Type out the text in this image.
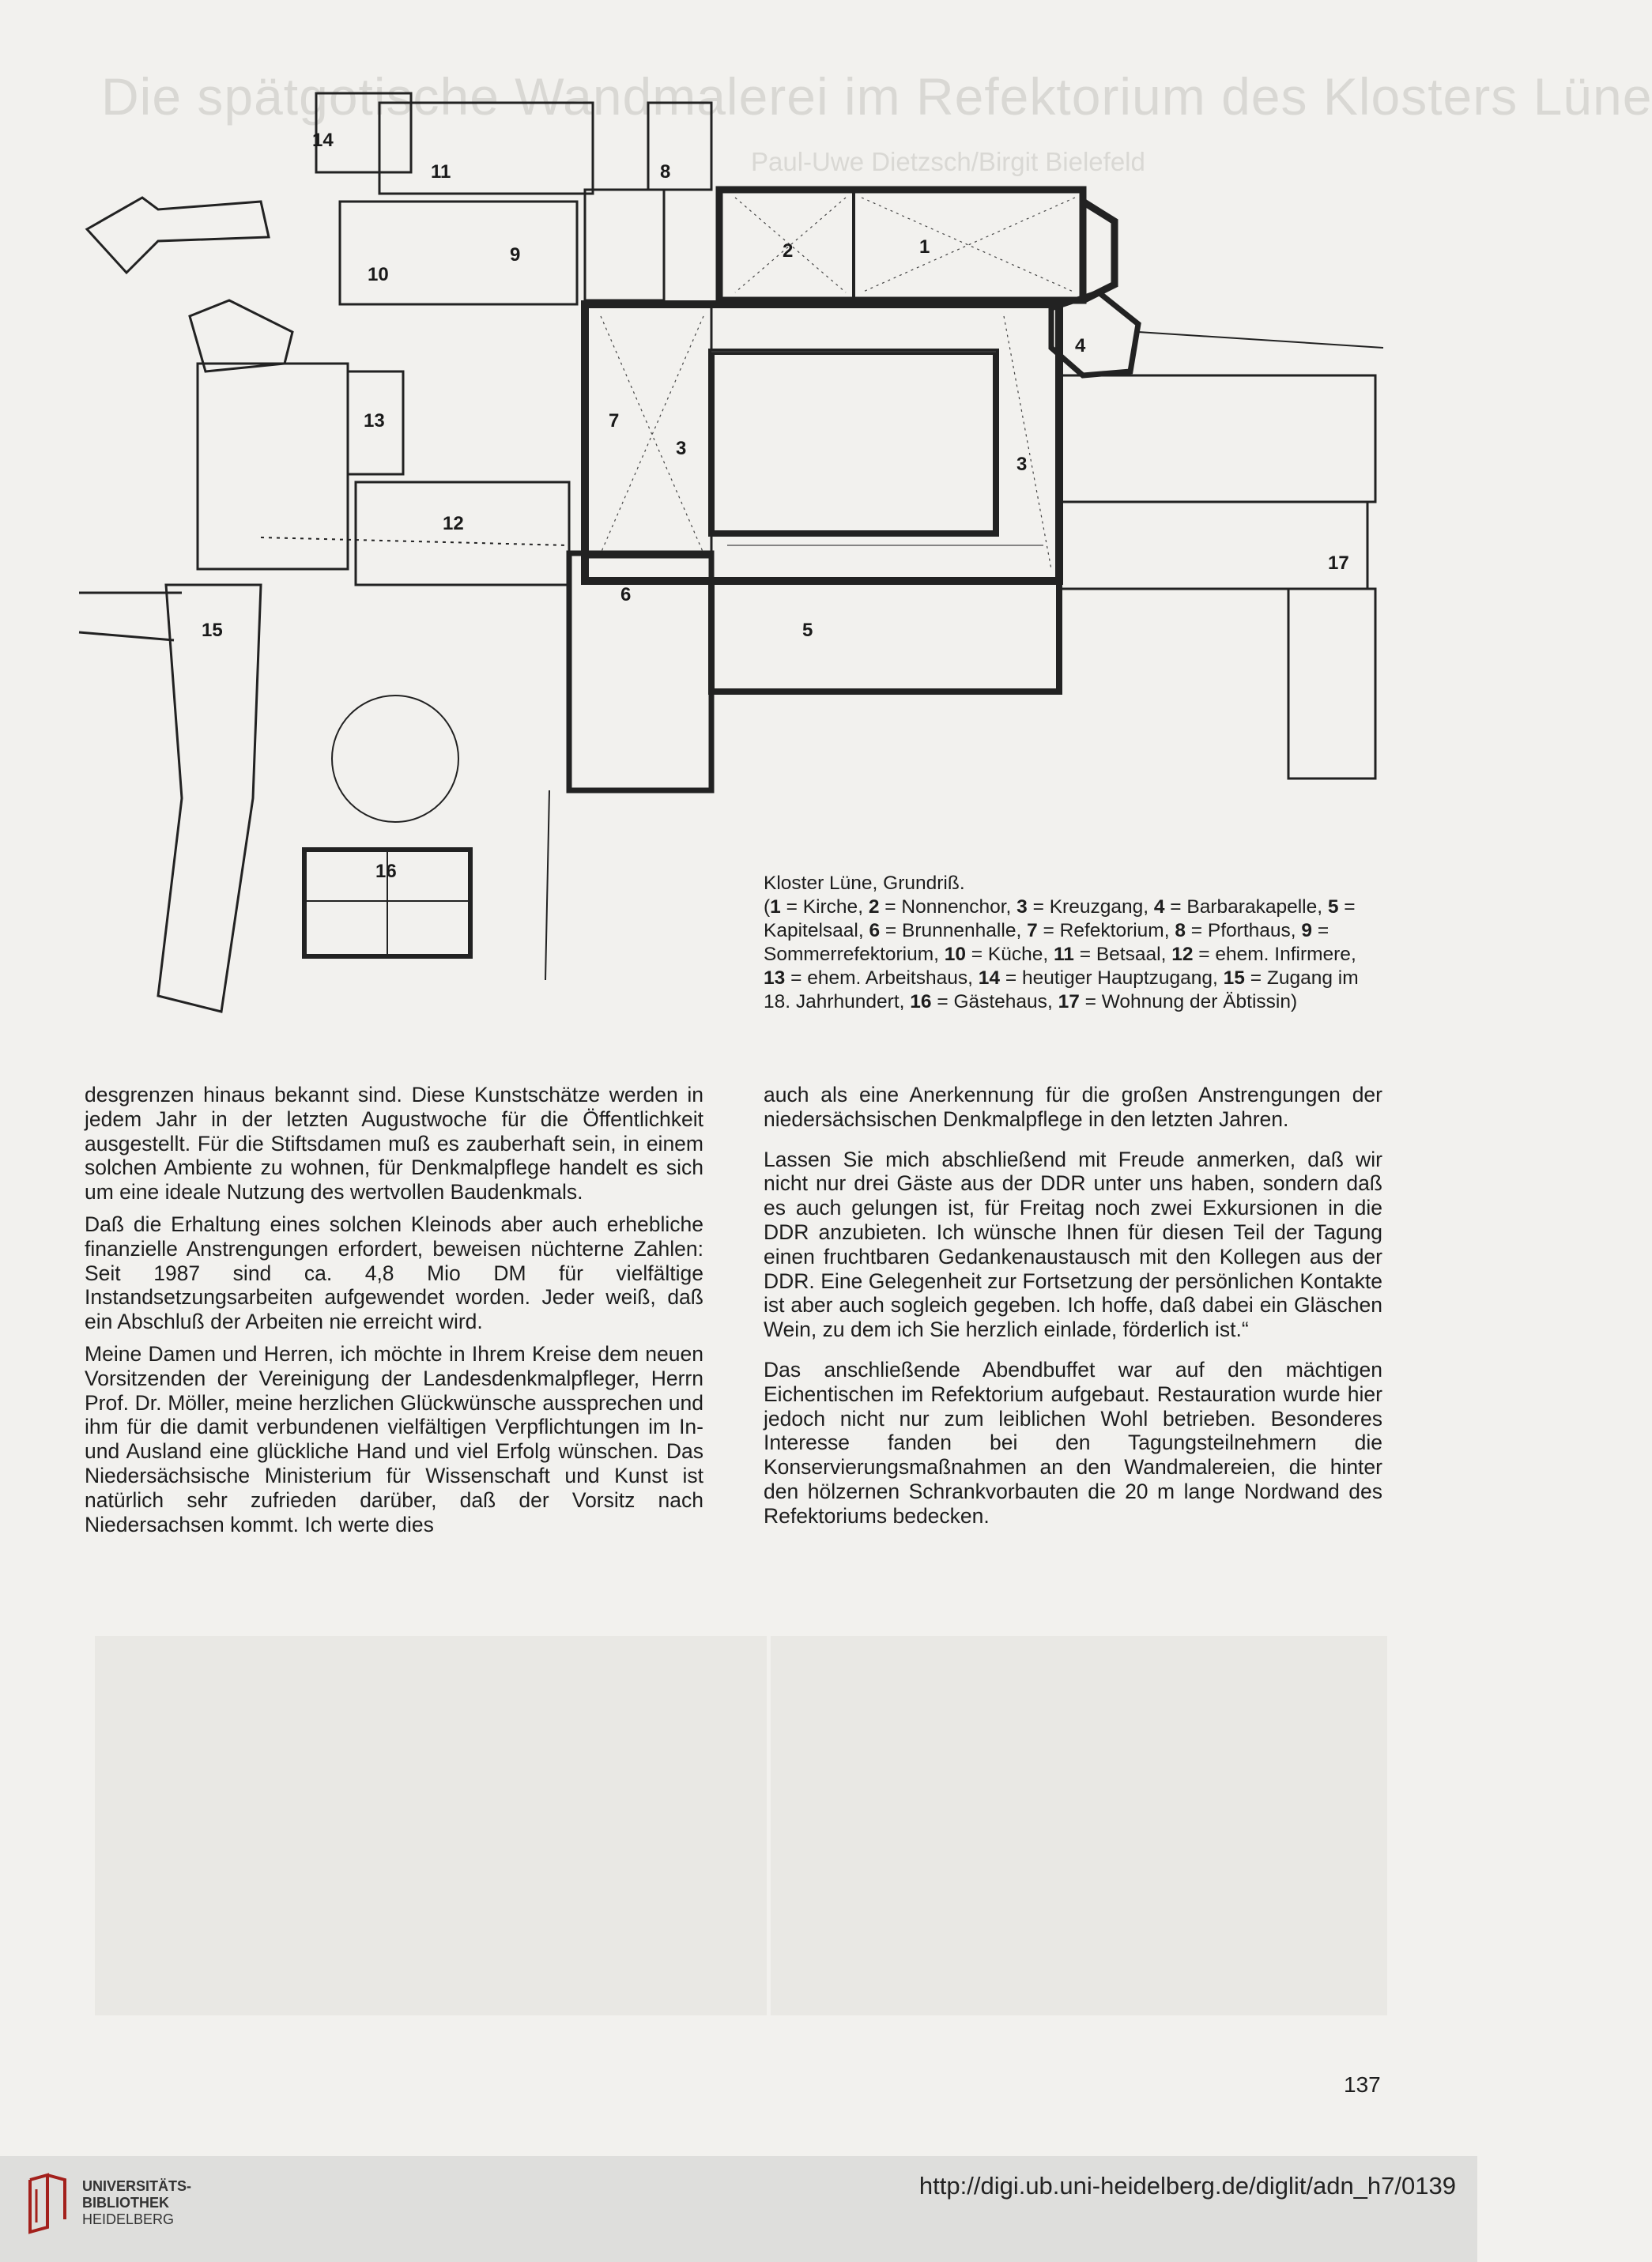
Die spätgotische Wandmalerei im Refektorium des Klosters Lüne
Paul-Uwe Dietzsch/Birgit Bielefeld
14
11	8
2	1
10
9
4
13	7
3
3
12
17
15
6
5
16
Kloster Lüne, Grundriß.
(1 = Kirche, 2 = Nonnenchor, 3 = Kreuzgang, 4 = Barbarakapelle, 5 = Kapitelsaal, 6 = Brunnenhalle, 7 = Refektorium, 8 = Pforthaus, 9 = Sommerrefektorium, 10 = Küche, 11 = Betsaal, 12 = ehem. Infirmere, 13 = ehem. Arbeitshaus, 14 = heutiger Hauptzugang, 15 = Zugang im 18. Jahrhundert, 16 = Gästehaus, 17 = Wohnung der Äbtissin)

desgrenzen hinaus bekannt sind. Diese Kunstschätze werden in jedem Jahr in der letzten Augustwoche für die Öffentlichkeit ausgestellt. Für die Stiftsdamen muß es zauberhaft sein, in einem solchen Ambiente zu wohnen, für Denkmalpflege handelt es sich um eine ideale Nutzung des wertvollen Baudenkmals.

Daß die Erhaltung eines solchen Kleinods aber auch erhebliche finanzielle Anstrengungen erfordert, beweisen nüchterne Zahlen: Seit 1987 sind ca. 4,8 Mio DM für vielfältige Instandsetzungsarbeiten aufgewendet worden. Jeder weiß, daß ein Abschluß der Arbeiten nie erreicht wird.

Meine Damen und Herren, ich möchte in Ihrem Kreise dem neuen Vorsitzenden der Vereinigung der Landesdenkmalpfleger, Herrn Prof. Dr. Möller, meine herzlichen Glückwünsche aussprechen und ihm für die damit verbundenen vielfältigen Verpflichtungen im In- und Ausland eine glückliche Hand und viel Erfolg wünschen. Das Niedersächsische Ministerium für Wissenschaft und Kunst ist natürlich sehr zufrieden darüber, daß der Vorsitz nach Niedersachsen kommt. Ich werte dies

auch als eine Anerkennung für die großen Anstrengungen der niedersächsischen Denkmalpflege in den letzten Jahren.

Lassen Sie mich abschließend mit Freude anmerken, daß wir nicht nur drei Gäste aus der DDR unter uns haben, sondern daß es auch gelungen ist, für Freitag noch zwei Exkursionen in die DDR anzubieten. Ich wünsche Ihnen für diesen Teil der Tagung einen fruchtbaren Gedankenaustausch mit den Kollegen aus der DDR. Eine Gelegenheit zur Fortsetzung der persönlichen Kontakte ist aber auch sogleich gegeben. Ich hoffe, daß dabei ein Gläschen Wein, zu dem ich Sie herzlich einlade, förderlich ist.“

Das anschließende Abendbuffet war auf den mächtigen Eichentischen im Refektorium aufgebaut. Restauration wurde hier jedoch nicht nur zum leiblichen Wohl betrieben. Besonderes Interesse fanden bei den Tagungsteilnehmern die Konservierungsmaßnahmen an den Wandmalereien, die hinter den hölzernen Schrankvorbauten die 20 m lange Nordwand des Refektoriums bedecken.

137
UNIVERSITÄTS-
BIBLIOTHEK
HEIDELBERG
http://digi.ub.uni-heidelberg.de/diglit/adn_h7/0139
